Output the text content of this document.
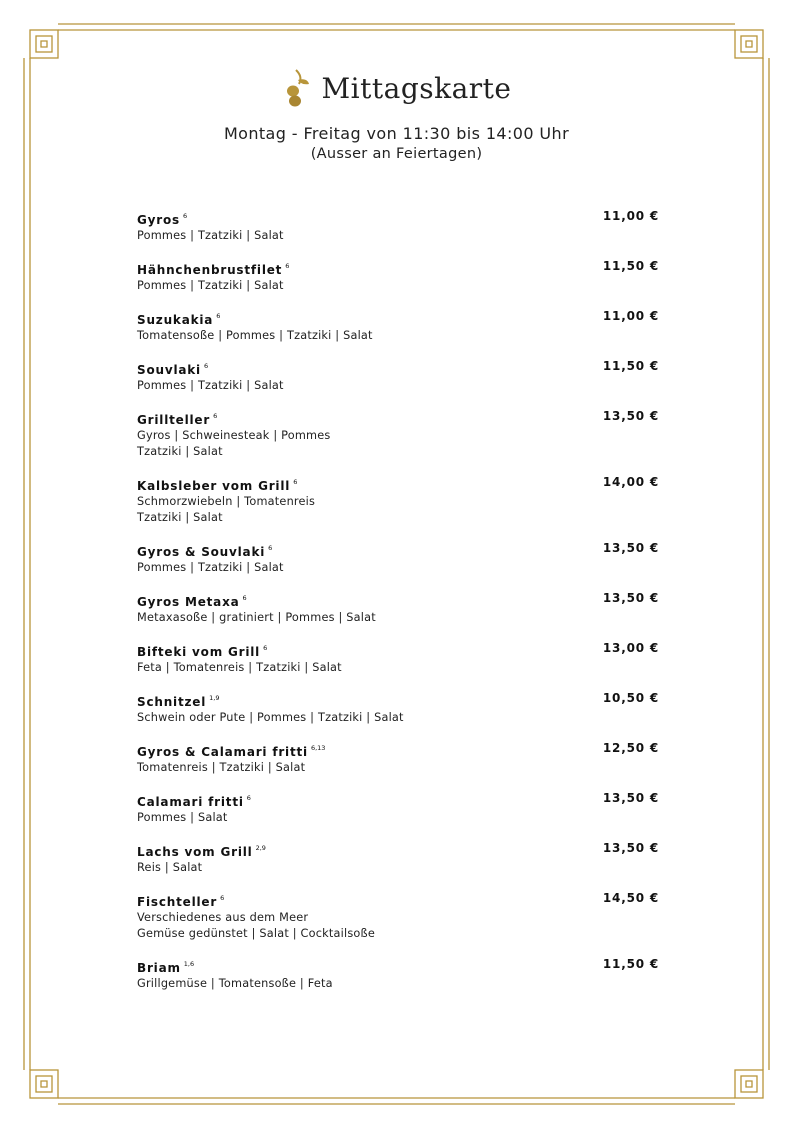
Mittagskarte
Montag - Freitag von 11:30 bis 14:00 Uhr
(Ausser an Feiertagen)
Gyros $^6$
Pommes | Tzatziki | Salat
11,00 €
Hähnchenbrustfilet $^6$
Pommes | Tzatziki | Salat
11,50 €
Suzukakia $^6$
Tomatensoße | Pommes | Tzatziki | Salat
11,00 €
Souvlaki $^6$
Pommes | Tzatziki | Salat
11,50 €
Grillteller $^6$
Gyros | Schweinesteak | Pommes
Tzatziki | Salat
13,50 €
Kalbsleber vom Grill $^6$
Schmorzwiebeln | Tomatenreis
Tzatziki | Salat
14,00 €
Gyros & Souvlaki $^6$
Pommes | Tzatziki | Salat
13,50 €
Gyros Metaxa $^6$
Metaxasoße | gratiniert | Pommes | Salat
13,50 €
Bifteki vom Grill $^6$
Feta | Tomatenreis | Tzatziki | Salat
13,00 €
Schnitzel $^{1,9}$
Schwein oder Pute | Pommes | Tzatziki | Salat
10,50 €
Gyros & Calamari fritti $^{6,13}$
Tomatenreis | Tzatziki | Salat
12,50 €
Calamari fritti $^6$
Pommes | Salat
13,50 €
Lachs vom Grill $^{2,9}$
Reis | Salat
13,50 €
Fischteller $^6$
Verschiedenes aus dem Meer
Gemüse gedünstet | Salat | Cocktailsoße
14,50 €
Briam $^{1,6}$
Grillgemüse | Tomatensoße | Feta
11,50 €
